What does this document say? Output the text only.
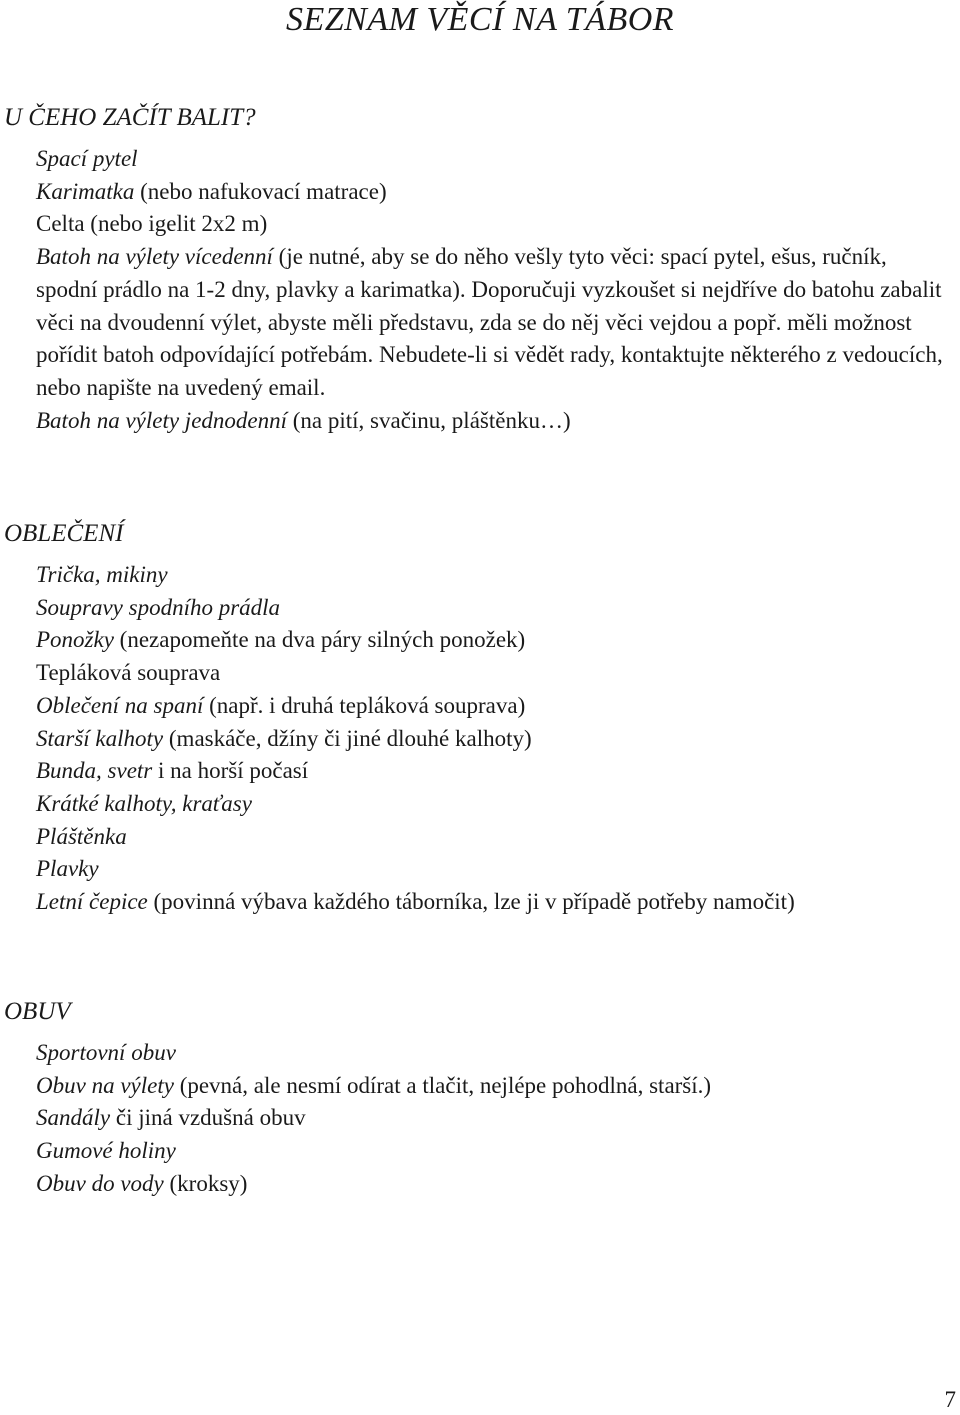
SEZNAM VĚCÍ NA TÁBOR
U ČEHO ZAČÍT BALIT?
Spací pytel
Karimatka (nebo nafukovací matrace)
Celta (nebo igelit 2x2 m)
Batoh na výlety vícedenní (je nutné, aby se do něho vešly tyto věci: spací pytel, ešus, ručník, spodní prádlo na 1-2 dny, plavky a karimatka). Doporučuji vyzkoušet si nejdříve do batohu zabalit věci na dvoudenní výlet, abyste měli představu, zda se do něj věci vejdou a popř. měli možnost pořídit batoh odpovídající potřebám. Nebudete-li si vědět rady, kontaktujte některého z vedoucích, nebo napište na uvedený email.
Batoh na výlety jednodenní (na pití, svačinu, pláštěnku…)
OBLEČENÍ
Trička, mikiny
Soupravy spodního prádla
Ponožky (nezapomeňte na dva páry silných ponožek)
Tepláková souprava
Oblečení na spaní (např. i druhá tepláková souprava)
Starší kalhoty (maskáče, džíny či jiné dlouhé kalhoty)
Bunda, svetr i na horší počasí
Krátké kalhoty, kraťasy
Pláštěnka
Plavky
Letní čepice (povinná výbava každého táborníka, lze ji v případě potřeby namočit)
OBUV
Sportovní obuv
Obuv na výlety (pevná, ale nesmí odírat a tlačit, nejlépe pohodlná, starší.)
Sandály či jiná vzdušná obuv
Gumové holiny
Obuv do vody (kroksy)
7
